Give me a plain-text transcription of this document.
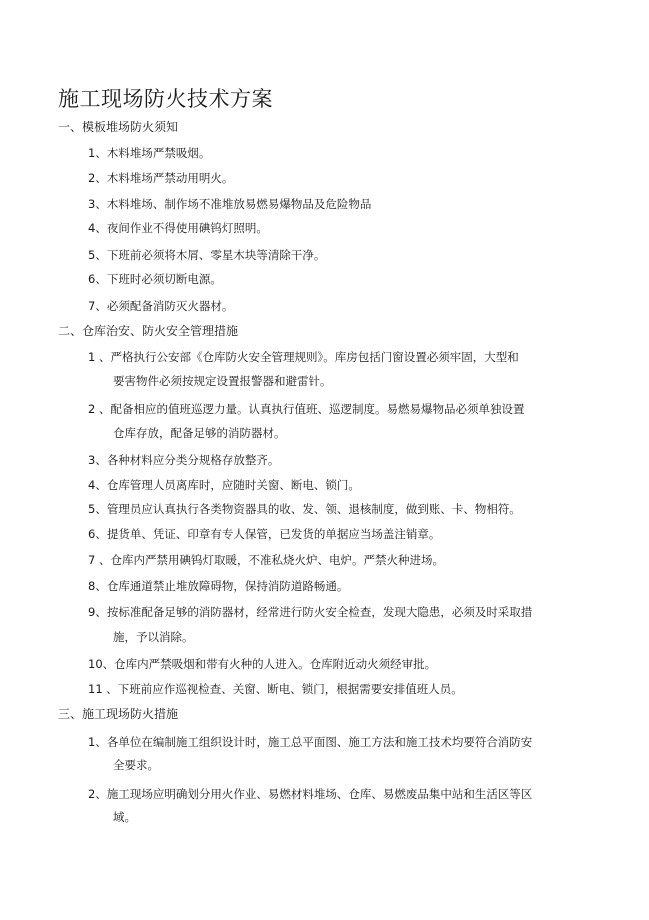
施工现场防火技术方案
一、模板堆场防火须知
1、木料堆场严禁吸烟。
2、木料堆场严禁动用明火。
3、木料堆场、制作场不准堆放易燃易爆物品及危险物品
4、夜间作业不得使用碘钨灯照明。
5、下班前必须将木屑、零星木块等清除干净。
6、下班时必须切断电源。
7、必须配备消防灭火器材。
二、仓库治安、防火安全管理措施
1 、严格执行公安部《仓库防火安全管理规则》。库房包括门窗设置必须牢固，大型和
要害物件必须按规定设置报警器和避雷针。
2 、配备相应的值班巡逻力量。认真执行值班、巡逻制度。易燃易爆物品必须单独设置
仓库存放，配备足够的消防器材。
3、各种材料应分类分规格存放整齐。
4、仓库管理人员离库时，应随时关窗、断电、锁门。
5、管理员应认真执行各类物资器具的收、发、领、退核制度，做到账、卡、物相符。
6、提货单、凭证、印章有专人保管，已发货的单据应当场盖注销章。
7 、仓库内严禁用碘钨灯取暖，不准私烧火炉、电炉。严禁火种进场。
8、仓库通道禁止堆放障碍物，保持消防道路畅通。
9、按标准配备足够的消防器材，经常进行防火安全检查，发现大隐患，必须及时采取措
施，予以消除。
10、仓库内严禁吸烟和带有火种的人进入。仓库附近动火须经审批。
11 、下班前应作巡视检查、关窗、断电、锁门，根据需要安排值班人员。
三、施工现场防火措施
1、各单位在编制施工组织设计时，施工总平面图、施工方法和施工技术均要符合消防安
全要求。
2、施工现场应明确划分用火作业、易燃材料堆场、仓库、易燃废品集中站和生活区等区
域。
